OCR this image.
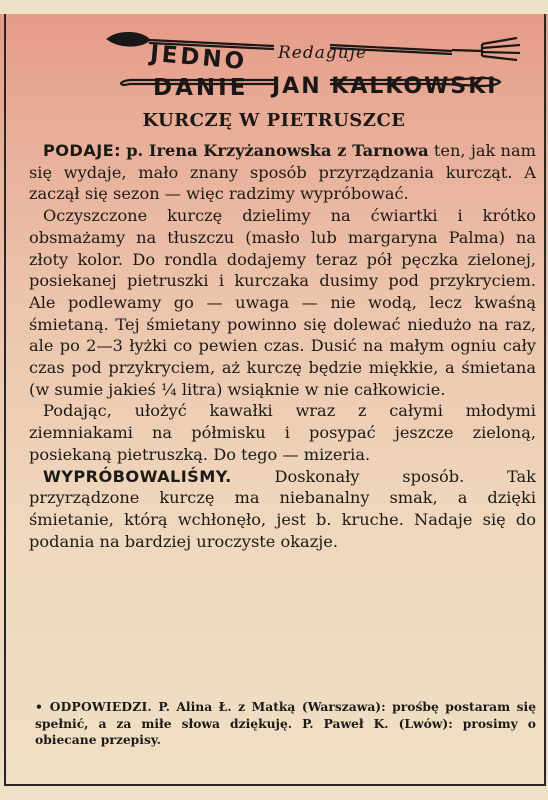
JEDNO Redaguje
DANIE JAN KALKOWSKI
KURCZĘ W PIETRUSZCE

PODAJE: p. Irena Krzyżanowska z Tarnowa ten, jak nam się wydaje, mało znany sposób przyrządzania kurcząt. A zaczął się sezon — więc radzimy wypróbować.

Oczyszczone kurczę dzielimy na ćwiartki i krótko obsmażamy na tłuszczu (masło lub margaryna Palma) na złoty kolor. Do rondla dodajemy teraz pół pęczka zielonej, posiekanej pietruszki i kurczaka dusimy pod przykryciem. Ale podlewamy go — uwaga — nie wodą, lecz kwaśną śmietaną. Tej śmietany powinno się dolewać niedużo na raz, ale po 2—3 łyżki co pewien czas. Dusić na małym ogniu cały czas pod przykryciem, aż kurczę będzie miękkie, a śmietana (w sumie jakieś ¼ litra) wsiąknie w nie całkowicie.

Podając, ułożyć kawałki wraz z całymi młodymi ziemniakami na półmisku i posypać jeszcze zieloną, posiekaną pietruszką. Do tego — mizeria.

WYPRÓBOWALIŚMY.	Doskonały sposób. Tak przyrządzone kurczę ma niebanalny smak, a dzięki śmietanie, którą wchłonęło, jest b. kruche. Nadaje się do podania na bardziej uroczyste okazje.

• ODPOWIEDZI. P. Alina Ł. z Matką (Warszawa): prośbę postaram się spełnić, a za miłe słowa dziękuję. P. Paweł K. (Lwów): prosimy o obiecane przepisy.
